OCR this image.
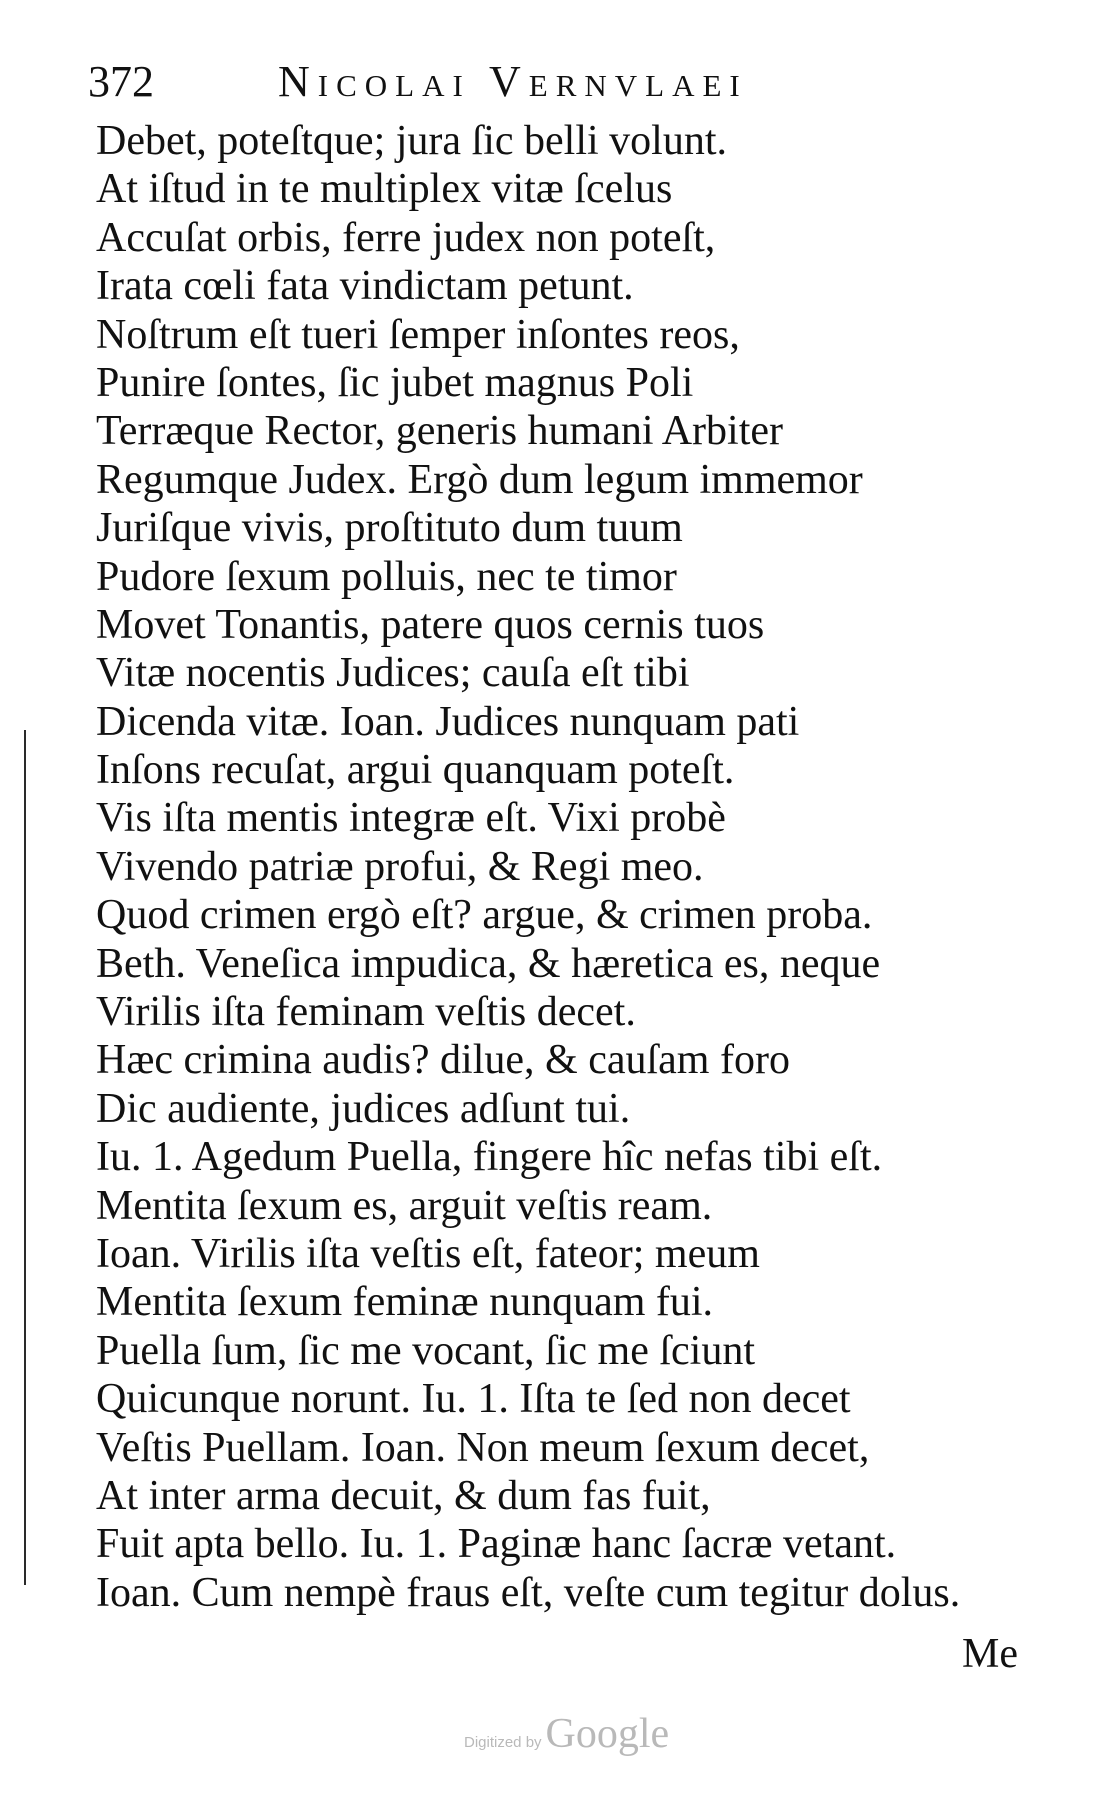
372	Nicolai Vernvlaei
Debet, poteſtque; jura ſic belli volunt.
At iſtud in te multiplex vitæ ſcelus
Accuſat orbis, ferre judex non poteſt,
Irata cœli fata vindictam petunt.
Noſtrum eſt tueri ſemper inſontes reos,
Punire ſontes, ſic jubet magnus Poli
Terræque Rector, generis humani Arbiter
Regumque Judex. Ergò dum legum immemor
Juriſque vivis, proſtituto dum tuum
Pudore ſexum polluis, nec te timor
Movet Tonantis, patere quos cernis tuos
Vitæ nocentis Judices; cauſa eſt tibi
Dicenda vitæ. Ioan. Judices nunquam pati
Inſons recuſat, argui quanquam poteſt.
Vis iſta mentis integræ eſt. Vixi probè
Vivendo patriæ profui, & Regi meo.
Quod crimen ergò eſt? argue, & crimen proba.
Beth. Veneſica impudica, & hæretica es, neque
Virilis iſta feminam veſtis decet.
Hæc crimina audis? dilue, & cauſam foro
Dic audiente, judices adſunt tui.
Iu. 1. Agedum Puella, fingere hîc nefas tibi eſt.
Mentita ſexum es, arguit veſtis ream.
Ioan. Virilis iſta veſtis eſt, fateor; meum
Mentita ſexum feminæ nunquam fui.
Puella ſum, ſic me vocant, ſic me ſciunt
Quicunque norunt. Iu. 1. Iſta te ſed non decet
Veſtis Puellam. Ioan. Non meum ſexum decet,
At inter arma decuit, & dum fas fuit,
Fuit apta bello. Iu. 1. Paginæ hanc ſacræ vetant.
Ioan. Cum nempè fraus eſt, veſte cum tegitur dolus.
Me
Digitized by Google
